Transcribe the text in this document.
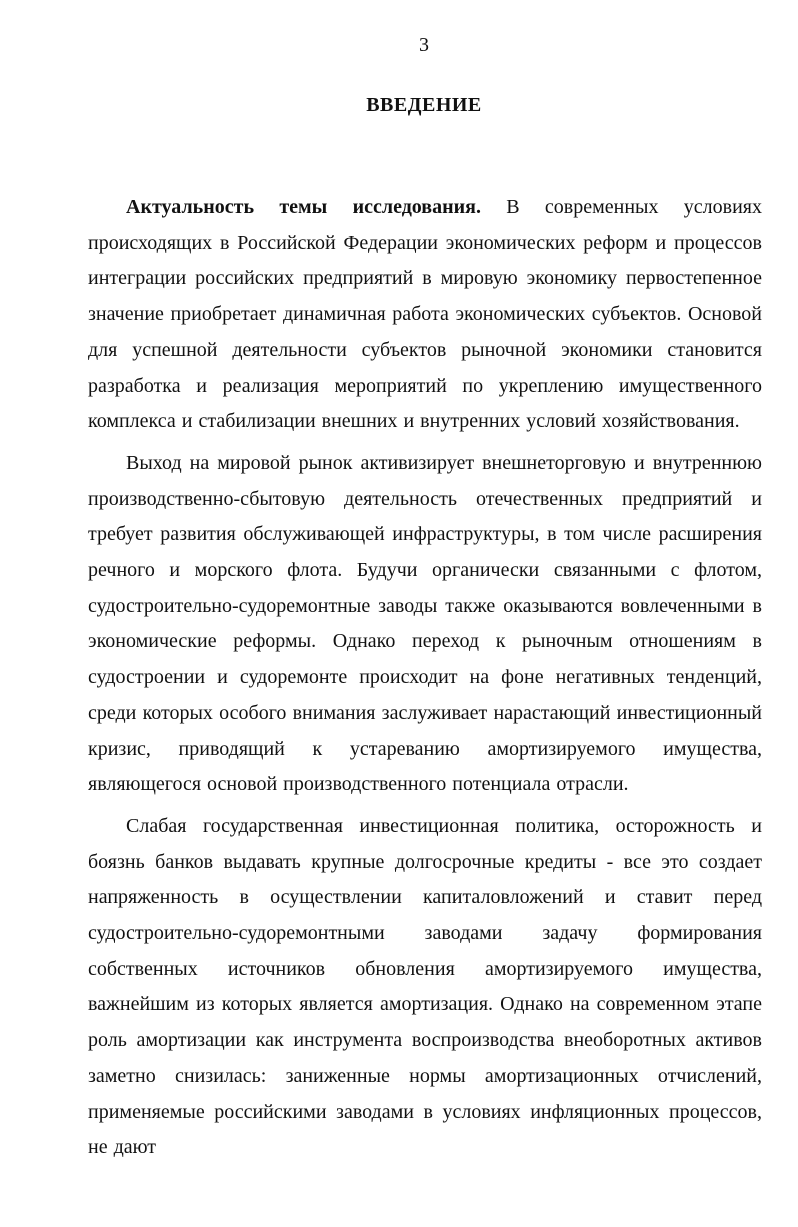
3
ВВЕДЕНИЕ

Актуальность темы исследования. В современных условиях происходящих в Российской Федерации экономических реформ и процессов интеграции российских предприятий в мировую экономику первостепенное значение приобретает динамичная работа экономических субъектов. Основой для успешной деятельности субъектов рыночной экономики становится разработка и реализация мероприятий по укреплению имущественного комплекса и стабилизации внешних и внутренних условий хозяйствования.

Выход на мировой рынок активизирует внешнеторговую и внутреннюю производственно-сбытовую деятельность отечественных предприятий и требует развития обслуживающей инфраструктуры, в том числе расширения речного и морского флота. Будучи органически связанными с флотом, судостроительно-судоремонтные заводы также оказываются вовлеченными в экономические реформы. Однако переход к рыночным отношениям в судостроении и судоремонте происходит на фоне негативных тенденций, среди которых особого внимания заслуживает нарастающий инвестиционный кризис, приводящий к устареванию амортизируемого имущества, являющегося основой производственного потенциала отрасли.

Слабая государственная инвестиционная политика, осторожность и боязнь банков выдавать крупные долгосрочные кредиты - все это создает напряженность в осуществлении капиталовложений и ставит перед судостроительно-судоремонтными заводами задачу формирования собственных источников обновления амортизируемого имущества, важнейшим из которых является амортизация. Однако на современном этапе роль амортизации как инструмента воспроизводства внеоборотных активов заметно снизилась: заниженные нормы амортизационных отчислений, применяемые российскими заводами в условиях инфляционных процессов, не дают
